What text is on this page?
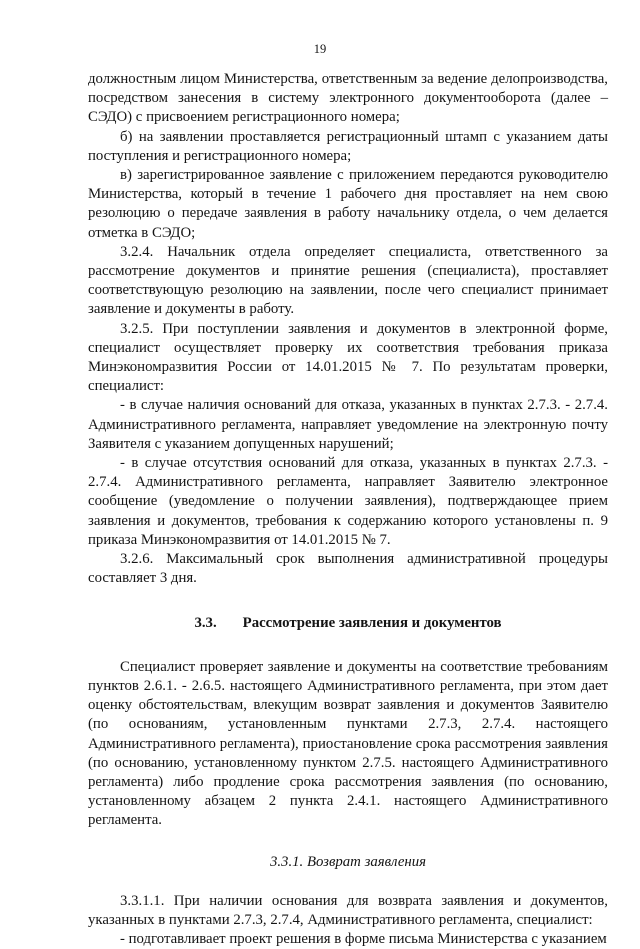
19

должностным лицом Министерства, ответственным за ведение делопроизводства, посредством занесения в систему электронного документооборота (далее – СЭДО) с присвоением регистрационного номера;

б) на заявлении проставляется регистрационный штамп с указанием даты поступления и регистрационного номера;

в) зарегистрированное заявление с приложением передаются руководителю Министерства, который в течение 1 рабочего дня проставляет на нем свою резолюцию о передаче заявления в работу начальнику отдела, о чем делается отметка в СЭДО;

3.2.4. Начальник отдела определяет специалиста, ответственного за рассмотрение документов и принятие решения (специалиста), проставляет соответствующую резолюцию на заявлении, после чего специалист принимает заявление и документы в работу.

3.2.5. При поступлении заявления и документов в электронной форме, специалист осуществляет проверку их соответствия требования приказа Минэкономразвития России от 14.01.2015 № 7. По результатам проверки, специалист:

- в случае наличия оснований для отказа, указанных в пунктах 2.7.3. - 2.7.4. Административного регламента, направляет уведомление на электронную почту Заявителя с указанием допущенных нарушений;

- в случае отсутствия оснований для отказа, указанных в пунктах 2.7.3. - 2.7.4. Административного регламента, направляет Заявителю электронное сообщение (уведомление о получении заявления), подтверждающее прием заявления и документов, требования к содержанию которого установлены п. 9 приказа Минэкономразвития от 14.01.2015 № 7.

3.2.6. Максимальный срок выполнения административной процедуры составляет 3 дня.

3.3. Рассмотрение заявления и документов

Специалист проверяет заявление и документы на соответствие требованиям пунктов 2.6.1. - 2.6.5. настоящего Административного регламента, при этом дает оценку обстоятельствам, влекущим возврат заявления и документов Заявителю (по основаниям, установленным пунктами 2.7.3, 2.7.4. настоящего Административного регламента), приостановление срока рассмотрения заявления (по основанию, установленному пунктом 2.7.5. настоящего Административного регламента) либо продление срока рассмотрения заявления (по основанию, установленному абзацем 2 пункта 2.4.1. настоящего Административного регламента.

3.3.1. Возврат заявления

3.3.1.1. При наличии основания для возврата заявления и документов, указанных в пунктами 2.7.3, 2.7.4, Административного регламента, специалист:

- подготавливает проект решения в форме письма Министерства с указанием
